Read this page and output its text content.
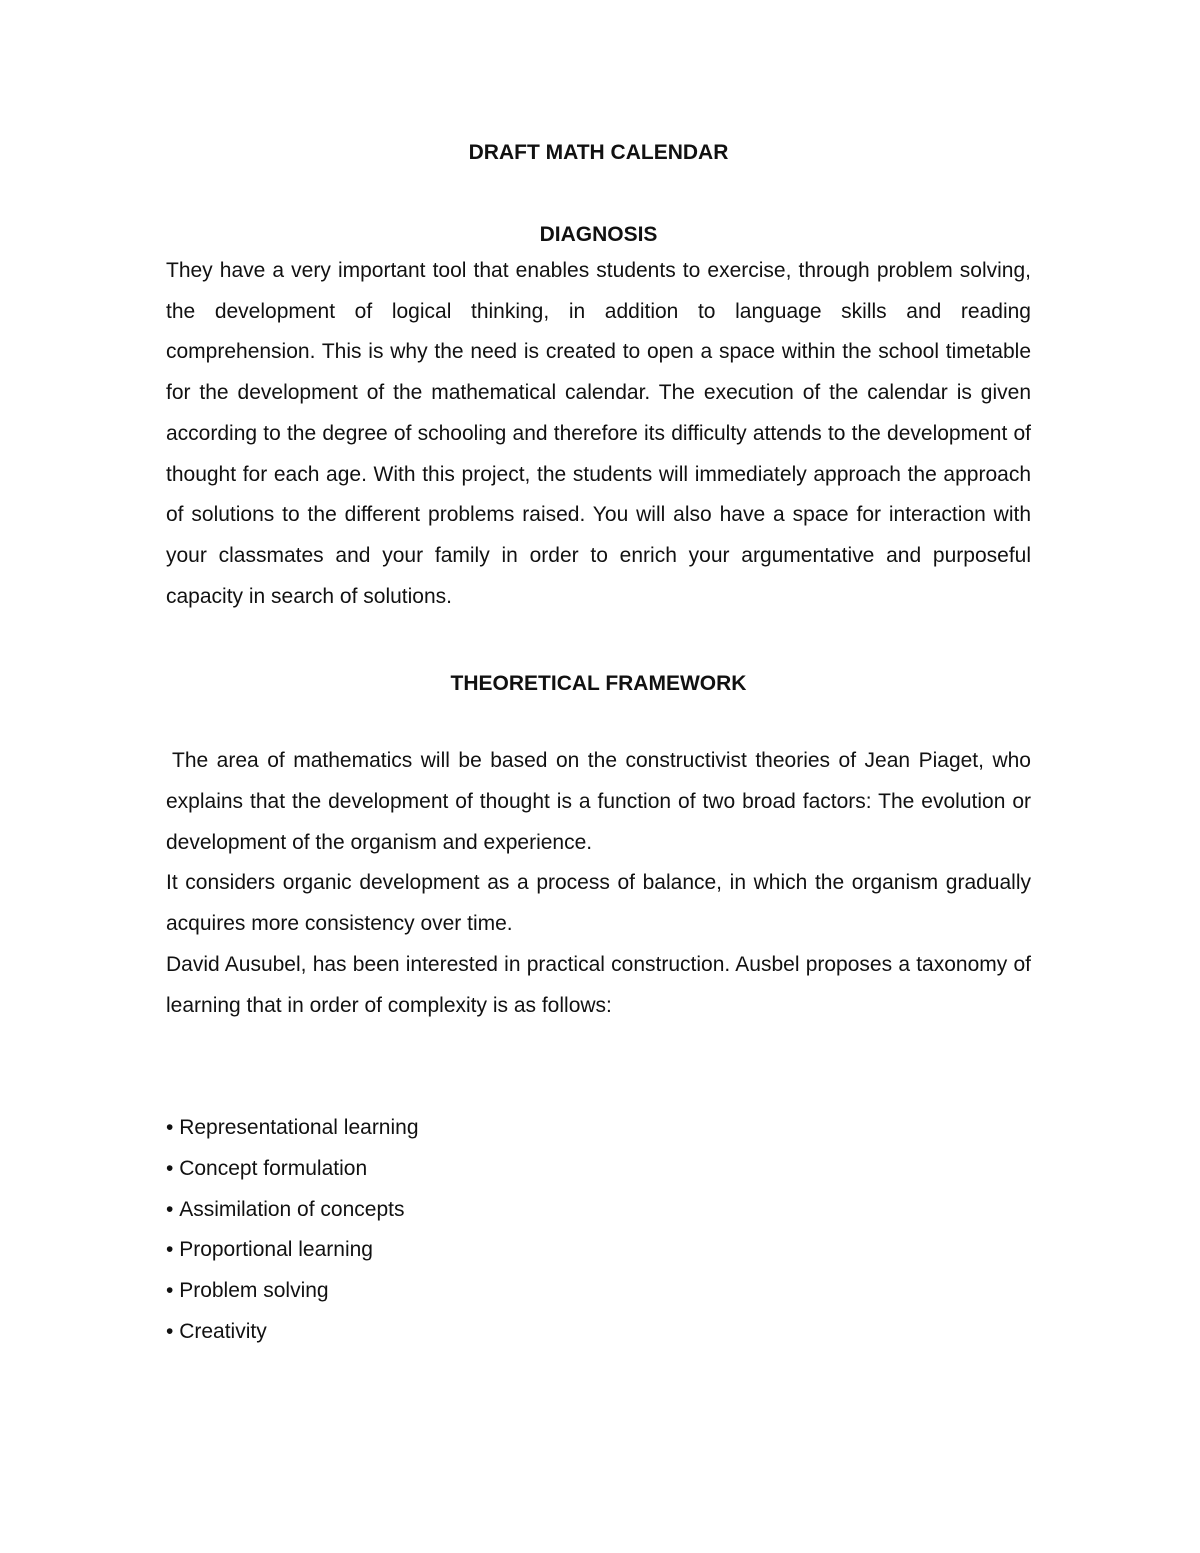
DRAFT MATH CALENDAR
DIAGNOSIS

They have a very important tool that enables students to exercise, through problem solving, the development of logical thinking, in addition to language skills and reading comprehension. This is why the need is created to open a space within the school timetable for the development of the mathematical calendar. The execution of the calendar is given according to the degree of schooling and therefore its difficulty attends to the development of thought for each age. With this project, the students will immediately approach the approach of solutions to the different problems raised. You will also have a space for interaction with your classmates and your family in order to enrich your argumentative and purposeful capacity in search of solutions.

THEORETICAL FRAMEWORK

The area of mathematics will be based on the constructivist theories of Jean Piaget, who explains that the development of thought is a function of two broad factors: The evolution or development of the organism and experience.

It considers organic development as a process of balance, in which the organism gradually acquires more consistency over time.

David Ausubel, has been interested in practical construction. Ausbel proposes a taxonomy of learning that in order of complexity is as follows:

• Representational learning
• Concept formulation
• Assimilation of concepts
• Proportional learning
• Problem solving
• Creativity
